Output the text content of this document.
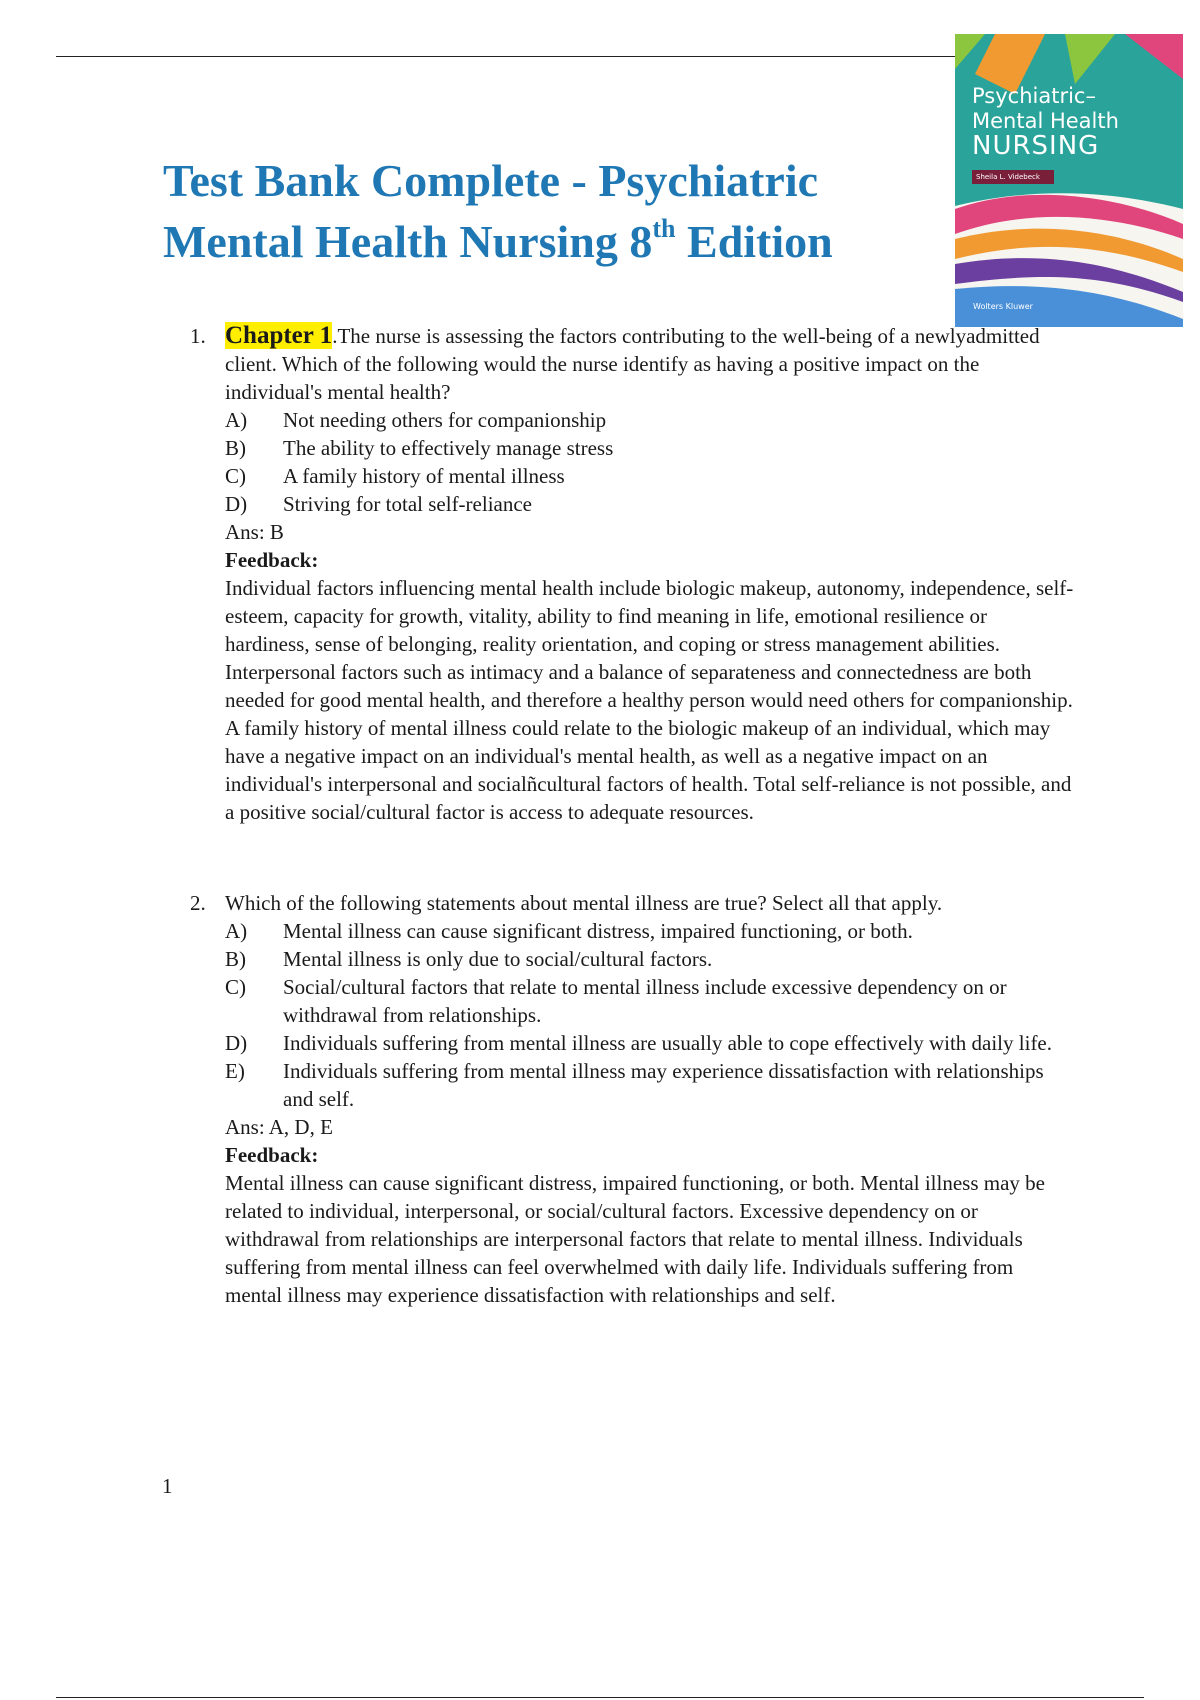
Test Bank Complete - Psychiatric
Mental Health Nursing 8th Edition
Psychiatric–
Mental Health
NURSING
Sheila L. Videbeck
Wolters Kluwer
1. Chapter 1.The nurse is assessing the factors contributing to the well-being of a newlyadmitted client. Which of the following would the nurse identify as having a positive impact on the individual's mental health?
A) Not needing others for companionship
B) The ability to effectively manage stress
C) A family history of mental illness
D) Striving for total self-reliance
Ans: B
Feedback:
Individual factors influencing mental health include biologic makeup, autonomy, independence, self-esteem, capacity for growth, vitality, ability to find meaning in life, emotional resilience or hardiness, sense of belonging, reality orientation, and coping or stress management abilities. Interpersonal factors such as intimacy and a balance of separateness and connectedness are both needed for good mental health, and therefore a healthy person would need others for companionship. A family history of mental illness could relate to the biologic makeup of an individual, which may have a negative impact on an individual's mental health, as well as a negative impact on an individual's interpersonal and socialñcultural factors of health. Total self-reliance is not possible, and a positive social/cultural factor is access to adequate resources.
2. Which of the following statements about mental illness are true? Select all that apply.
A) Mental illness can cause significant distress, impaired functioning, or both.
B) Mental illness is only due to social/cultural factors.
C) Social/cultural factors that relate to mental illness include excessive dependency on or withdrawal from relationships.
D) Individuals suffering from mental illness are usually able to cope effectively with daily life.
E) Individuals suffering from mental illness may experience dissatisfaction with relationships and self.
Ans: A, D, E
Feedback:
Mental illness can cause significant distress, impaired functioning, or both. Mental illness may be related to individual, interpersonal, or social/cultural factors. Excessive dependency on or withdrawal from relationships are interpersonal factors that relate to mental illness. Individuals suffering from mental illness can feel overwhelmed with daily life. Individuals suffering from mental illness may experience dissatisfaction with relationships and self.
1
